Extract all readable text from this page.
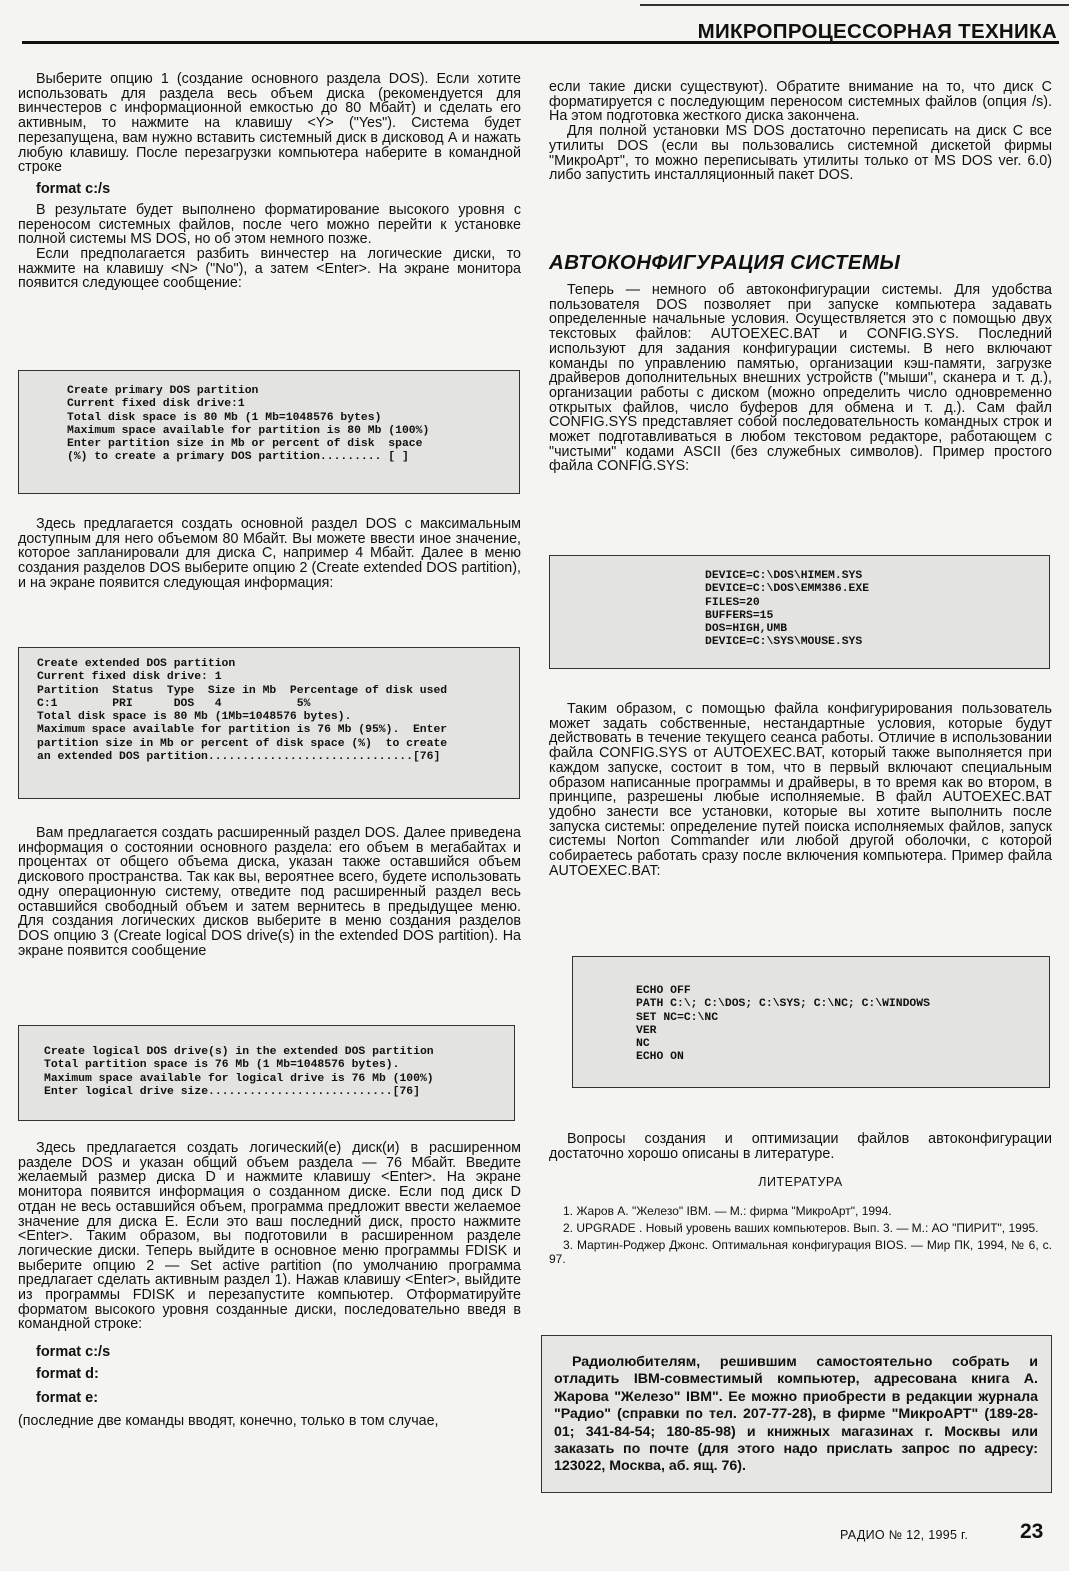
МИКРОПРОЦЕССОРНАЯ ТЕХНИКА

Выберите опцию 1 (создание основного раздела DOS). Если хотите использовать для раздела весь объем диска (рекомендуется для винчестеров с информационной емкостью до 80 Мбайт) и сделать его активным, то нажмите на клавишу <Y> ("Yes"). Система будет перезапущена, вам нужно вставить системный диск в дисковод А и нажать любую клавишу. После перезагрузки компьютера наберите в командной строке

format c:/s

В результате будет выполнено форматирование высокого уровня с переносом системных файлов, после чего можно перейти к установке полной системы MS DOS, но об этом немного позже.

Если предполагается разбить винчестер на логические диски, то нажмите на клавишу <N> ("No"), а затем <Enter>. На экране монитора появится следующее сообщение:

Create primary DOS partition
Current fixed disk drive:1
Total disk space is 80 Mb (1 Mb=1048576 bytes)
Maximum space available for partition is 80 Mb (100%)
Enter partition size in Mb or percent of disk  space
(%) to create a primary DOS partition......... [ ]

Здесь предлагается создать основной раздел DOS с максимальным доступным для него объемом 80 Мбайт. Вы можете ввести иное значение, которое запланировали для диска С, например 4 Мбайт. Далее в меню создания разделов DOS выберите опцию 2 (Create extended DOS partition), и на экране появится следующая информация:

Create extended DOS partition
Current fixed disk drive: 1
Partition  Status  Type  Size in Mb  Percentage of disk used
C:1        PRI      DOS   4           5%
Total disk space is 80 Mb (1Mb=1048576 bytes).
Maximum space available for partition is 76 Mb (95%).  Enter
partition size in Mb or percent of disk space (%)  to create
an extended DOS partition..............................[76]

Вам предлагается создать расширенный раздел DOS. Далее приведена информация о состоянии основного раздела: его объем в мегабайтах и процентах от общего объема диска, указан также оставшийся объем дискового пространства. Так как вы, вероятнее всего, будете использовать одну операционную систему, отведите под расширенный раздел весь оставшийся свободный объем и затем вернитесь в предыдущее меню. Для создания логических дисков выберите в меню создания разделов DOS опцию 3 (Create logical DOS drive(s) in the extended DOS partition). На экране появится сообщение

Create logical DOS drive(s) in the extended DOS partition
Total partition space is 76 Mb (1 Mb=1048576 bytes).
Maximum space available for logical drive is 76 Mb (100%)
Enter logical drive size...........................[76]

Здесь предлагается создать логический(е) диск(и) в расширенном разделе DOS и указан общий объем раздела — 76 Мбайт. Введите желаемый размер диска D и нажмите клавишу <Enter>. На экране монитора появится информация о созданном диске. Если под диск D отдан не весь оставшийся объем, программа предложит ввести желаемое значение для диска Е. Если это ваш последний диск, просто нажмите <Enter>. Таким образом, вы подготовили в расширенном разделе логические диски. Теперь выйдите в основное меню программы FDISK и выберите опцию 2 — Set active partition (по умолчанию программа предлагает сделать активным раздел 1). Нажав клавишу <Enter>, выйдите из программы FDISK и перезапустите компьютер. Отформатируйте форматом высокого уровня созданные диски, последовательно введя в командной строке:

format c:/s
format d:
format e:

(последние две команды вводят, конечно, только в том случае,

если такие диски существуют). Обратите внимание на то, что диск С форматируется с последующим переносом системных файлов (опция /s). На этом подготовка жесткого диска закончена.

Для полной установки MS DOS достаточно переписать на диск С все утилиты DOS (если вы пользовались системной дискетой фирмы "МикроАрт", то можно переписывать утилиты только от MS DOS ver. 6.0) либо запустить инсталляционный пакет DOS.

АВТОКОНФИГУРАЦИЯ СИСТЕМЫ

Теперь — немного об автоконфигурации системы. Для удобства пользователя DOS позволяет при запуске компьютера задавать определенные начальные условия. Осуществляется это с помощью двух текстовых файлов: AUTOEXEC.BAT и CONFIG.SYS. Последний используют для задания конфигурации системы. В него включают команды по управлению памятью, организации кэш-памяти, загрузке драйверов дополнительных внешних устройств ("мыши", сканера и т. д.), организации работы с диском (можно определить число одновременно открытых файлов, число буферов для обмена и т. д.). Сам файл CONFIG.SYS представляет собой последовательность командных строк и может подготавливаться в любом текстовом редакторе, работающем с "чистыми" кодами ASCII (без служебных символов). Пример простого файла CONFIG.SYS:

DEVICE=C:\DOS\HIMEM.SYS
DEVICE=C:\DOS\EMM386.EXE
FILES=20
BUFFERS=15
DOS=HIGH,UMB
DEVICE=C:\SYS\MOUSE.SYS

Таким образом, с помощью файла конфигурирования пользователь может задать собственные, нестандартные условия, которые будут действовать в течение текущего сеанса работы. Отличие в использовании файла CONFIG.SYS от AUTOEXEC.BAT, который также выполняется при каждом запуске, состоит в том, что в первый включают специальным образом написанные программы и драйверы, в то время как во втором, в принципе, разрешены любые исполняемые. В файл AUTOEXEC.BAT удобно занести все установки, которые вы хотите выполнить после запуска системы: определение путей поиска исполняемых файлов, запуск системы Norton Commander или любой другой оболочки, с которой собираетесь работать сразу после включения компьютера. Пример файла AUTOEXEC.BAT:

ECHO OFF
PATH C:\; C:\DOS; C:\SYS; C:\NC; C:\WINDOWS
SET NC=C:\NC
VER
NC
ECHO ON

Вопросы создания и оптимизации файлов автоконфигурации достаточно хорошо описаны в литературе.

ЛИТЕРАТУРА
1. Жаров А. "Железо" IBM. — М.: фирма "МикроАрт", 1994.
2. UPGRADE . Новый уровень ваших компьютеров. Вып. 3. — М.: АО "ПИРИТ", 1995.
3. Мартин-Роджер Джонс. Оптимальная конфигурация BIOS. — Мир ПК, 1994, № 6, с. 97.
Радиолюбителям, решившим самостоятельно собрать и отладить IBM-совместимый компьютер, адресована книга А. Жарова "Железо" IBM". Ее можно приобрести в редакции журнала "Радио" (справки по тел. 207-77-28), в фирме "МикроАРТ" (189-28-01; 341-84-54; 180-85-98) и книжных магазинах г. Москвы или заказать по почте (для этого надо прислать запрос по адресу: 123022, Москва, аб. ящ. 76).
РАДИО № 12, 1995 г. 23
